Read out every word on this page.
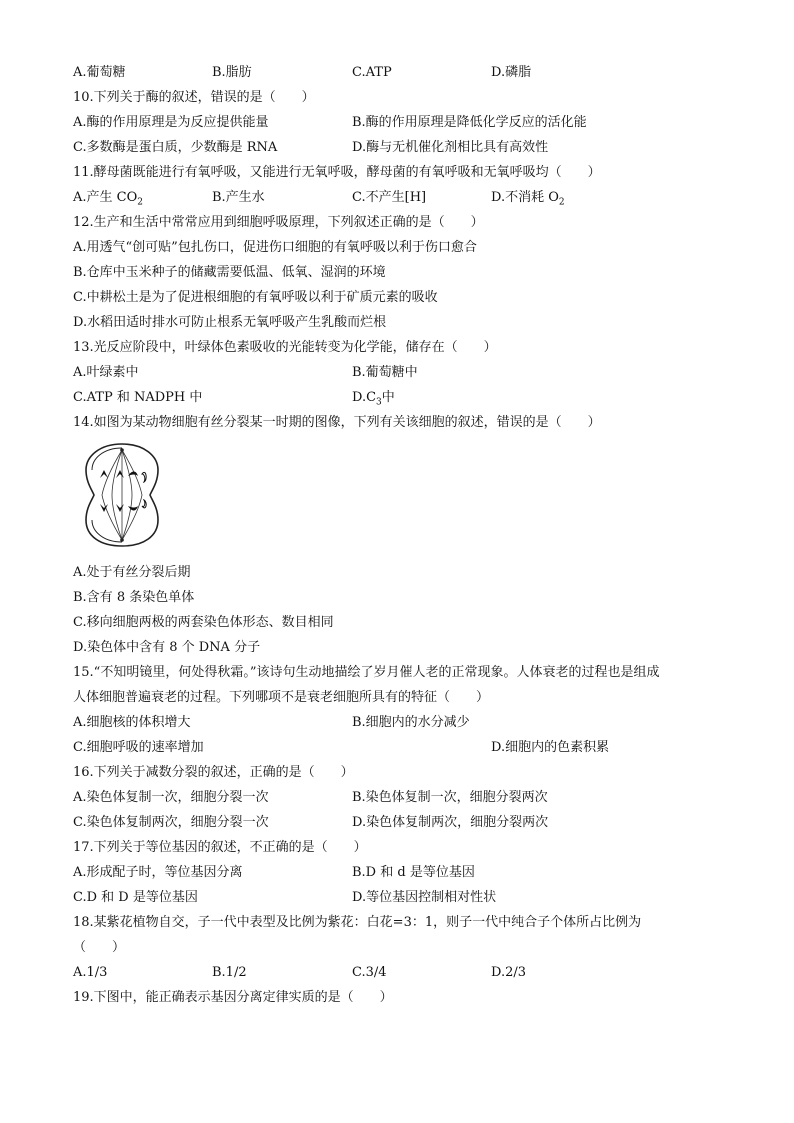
A.葡萄糖	B.脂肪	C.ATP	D.磷脂
10.下列关于酶的叙述，错误的是（　　）
A.酶的作用原理是为反应提供能量	B.酶的作用原理是降低化学反应的活化能
C.多数酶是蛋白质，少数酶是 RNA	D.酶与无机催化剂相比具有高效性
11.酵母菌既能进行有氧呼吸，又能进行无氧呼吸，酵母菌的有氧呼吸和无氧呼吸均（　　）
A.产生 $CO_2$	B.产生水	C.不产生[H]	D.不消耗 $O_2$
12.生产和生活中常常应用到细胞呼吸原理，下列叙述正确的是（　　）
A.用透气“创可贴”包扎伤口，促进伤口细胞的有氧呼吸以利于伤口愈合
B.仓库中玉米种子的储藏需要低温、低氧、湿润的环境
C.中耕松土是为了促进根细胞的有氧呼吸以利于矿质元素的吸收
D.水稻田适时排水可防止根系无氧呼吸产生乳酸而烂根
13.光反应阶段中，叶绿体色素吸收的光能转变为化学能，储存在（　　）
A.叶绿素中	B.葡萄糖中
C.ATP 和 NADPH 中	$D.C_3$中
14.如图为某动物细胞有丝分裂某一时期的图像，下列有关该细胞的叙述，错误的是（　　）
A.处于有丝分裂后期
B.含有 8 条染色单体
C.移向细胞两极的两套染色体形态、数目相同
D.染色体中含有 8 个 DNA 分子
15.“不知明镜里，何处得秋霜。”该诗句生动地描绘了岁月催人老的正常现象。人体衰老的过程也是组成
人体细胞普遍衰老的过程。下列哪项不是衰老细胞所具有的特征（　　）
A.细胞核的体积增大	B.细胞内的水分减少
C.细胞呼吸的速率增加	D.细胞内的色素积累
16.下列关于减数分裂的叙述，正确的是（　　）
A.染色体复制一次，细胞分裂一次	B.染色体复制一次，细胞分裂两次
C.染色体复制两次，细胞分裂一次	D.染色体复制两次，细胞分裂两次
17.下列关于等位基因的叙述，不正确的是（　　）
A.形成配子时，等位基因分离	B.D 和 d 是等位基因
C.D 和 D 是等位基因	D.等位基因控制相对性状
18.某紫花植物自交，子一代中表型及比例为紫花：白花=3：1，则子一代中纯合子个体所占比例为
（　　）
A.1/3	B.1/2	C.3/4	D.2/3
19.下图中，能正确表示基因分离定律实质的是（　　）
